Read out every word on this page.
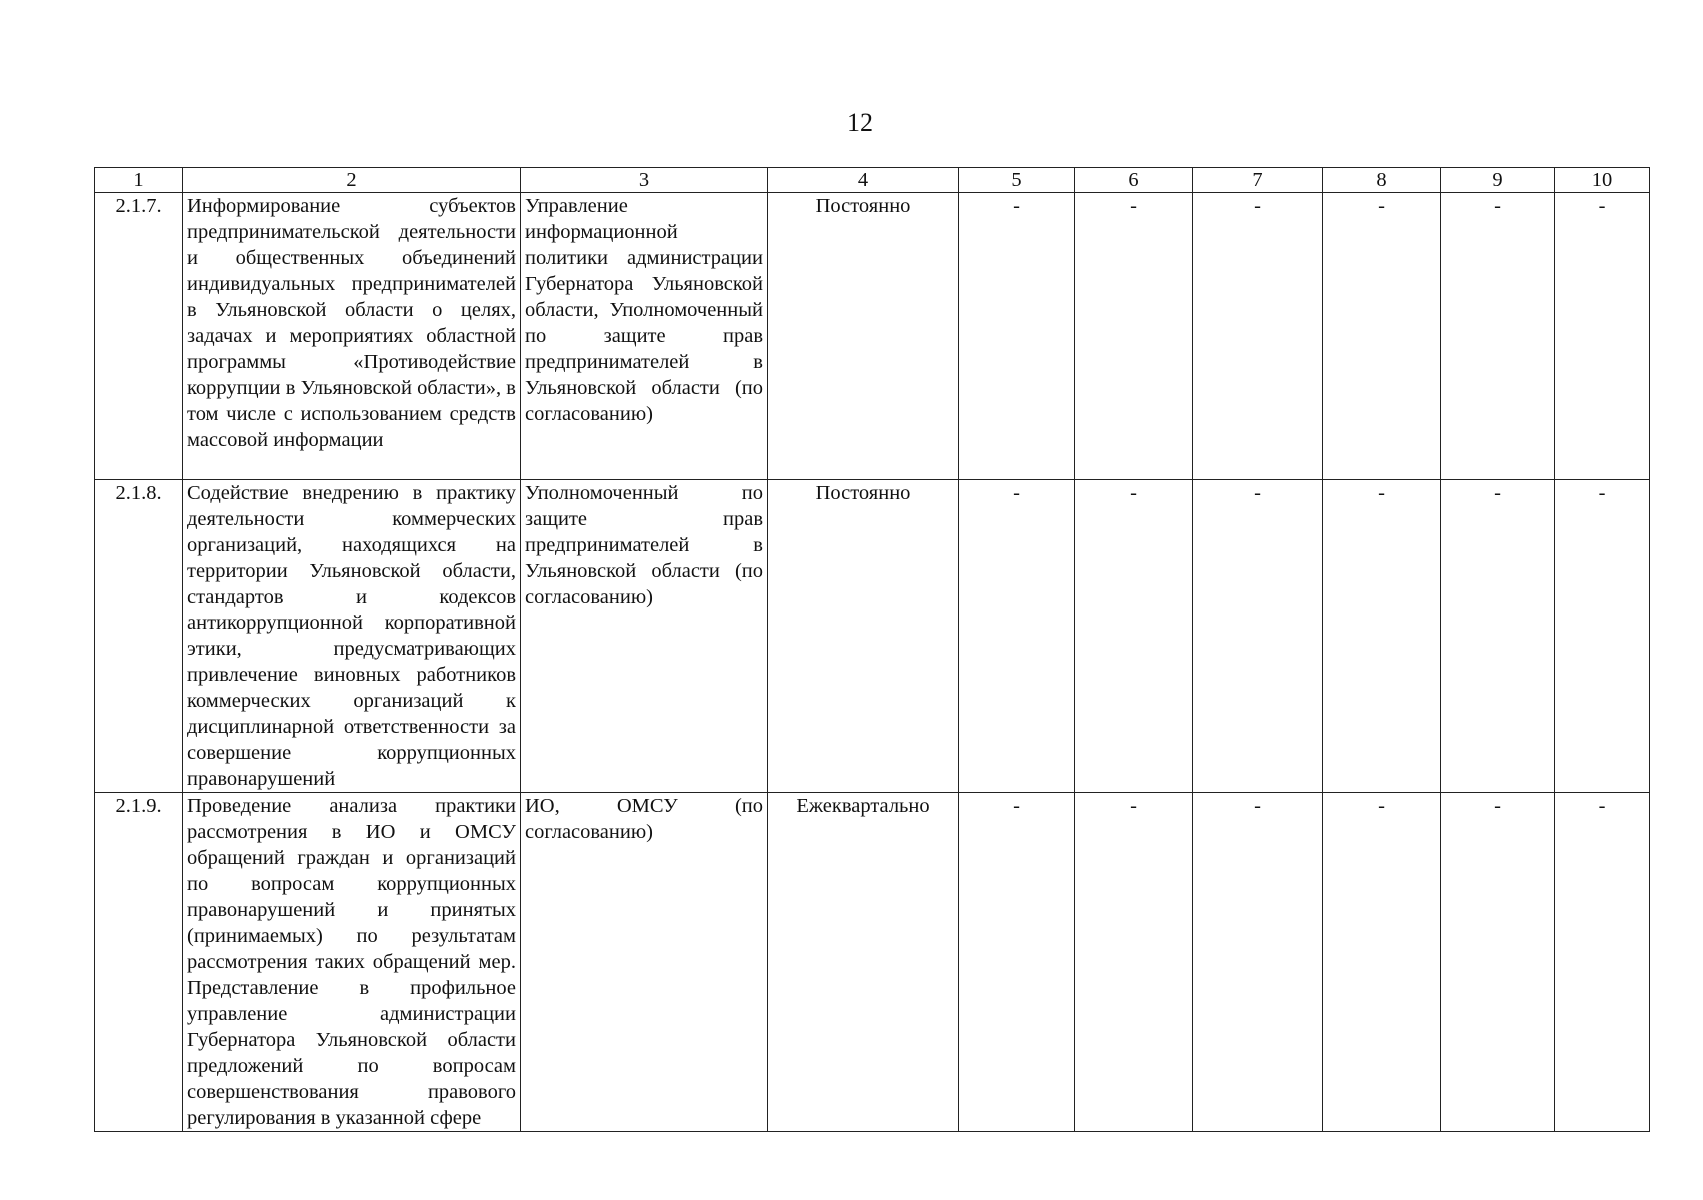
12
1	2	3	4	5	6	7	8	9	10
2.1.7.	Информирование субъектов предпринимательской деятельности и общественных объединений индивидуальных предпринимателей в Ульяновской области о целях, задачах и мероприятиях областной программы «Противодействие коррупции в Ульяновской области», в том числе с использованием средств массовой информации	Управление информационной политики администрации Губернатора Ульяновской области, Уполномоченный по защите прав предпринимателей в Ульяновской области (по согласованию)	Постоянно	-	-	-	-	-	-
2.1.8.	Содействие внедрению в практику деятельности коммерческих организаций, находящихся на территории Ульяновской области, стандартов и кодексов антикоррупционной корпоративной этики, предусматривающих привлечение виновных работников коммерческих организаций к дисциплинарной ответственности за совершение коррупционных правонарушений	Уполномоченный по защите прав предпринимателей в Ульяновской области (по согласованию)	Постоянно	-	-	-	-	-	-
2.1.9.	Проведение анализа практики рассмотрения в ИО и ОМСУ обращений граждан и организаций по вопросам коррупционных правонарушений и принятых (принимаемых) по результатам рассмотрения таких обращений мер. Представление в профильное управление администрации Губернатора Ульяновской области предложений по вопросам совершенствования правового регулирования в указанной сфере	ИО, ОМСУ (по согласованию)	Ежеквартально	-	-	-	-	-	-
